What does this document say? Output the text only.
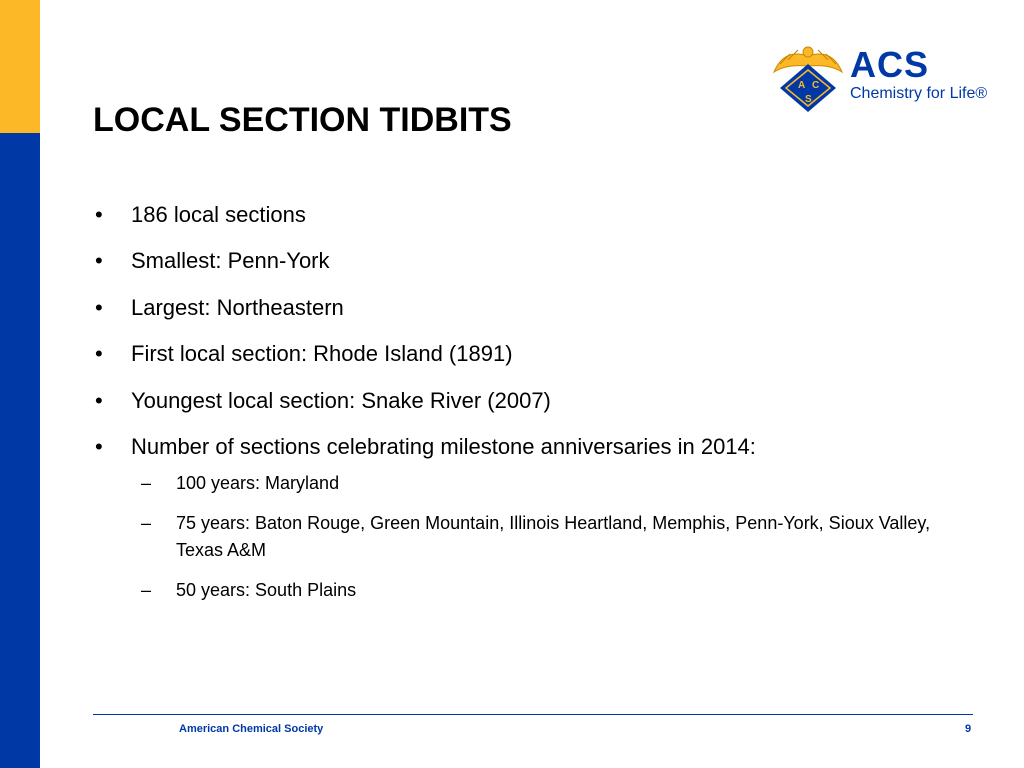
LOCAL SECTION TIDBITS
A C
S
ACS
Chemistry for Life®
• 186 local sections
• Smallest: Penn-York
• Largest: Northeastern
• First local section: Rhode Island (1891)
• Youngest local section: Snake River (2007)
• Number of sections celebrating milestone anniversaries in 2014:
– 100 years: Maryland
– 75 years: Baton Rouge, Green Mountain, Illinois Heartland, Memphis, Penn-York, Sioux Valley, Texas A&M
– 50 years: South Plains
American Chemical Society	9
